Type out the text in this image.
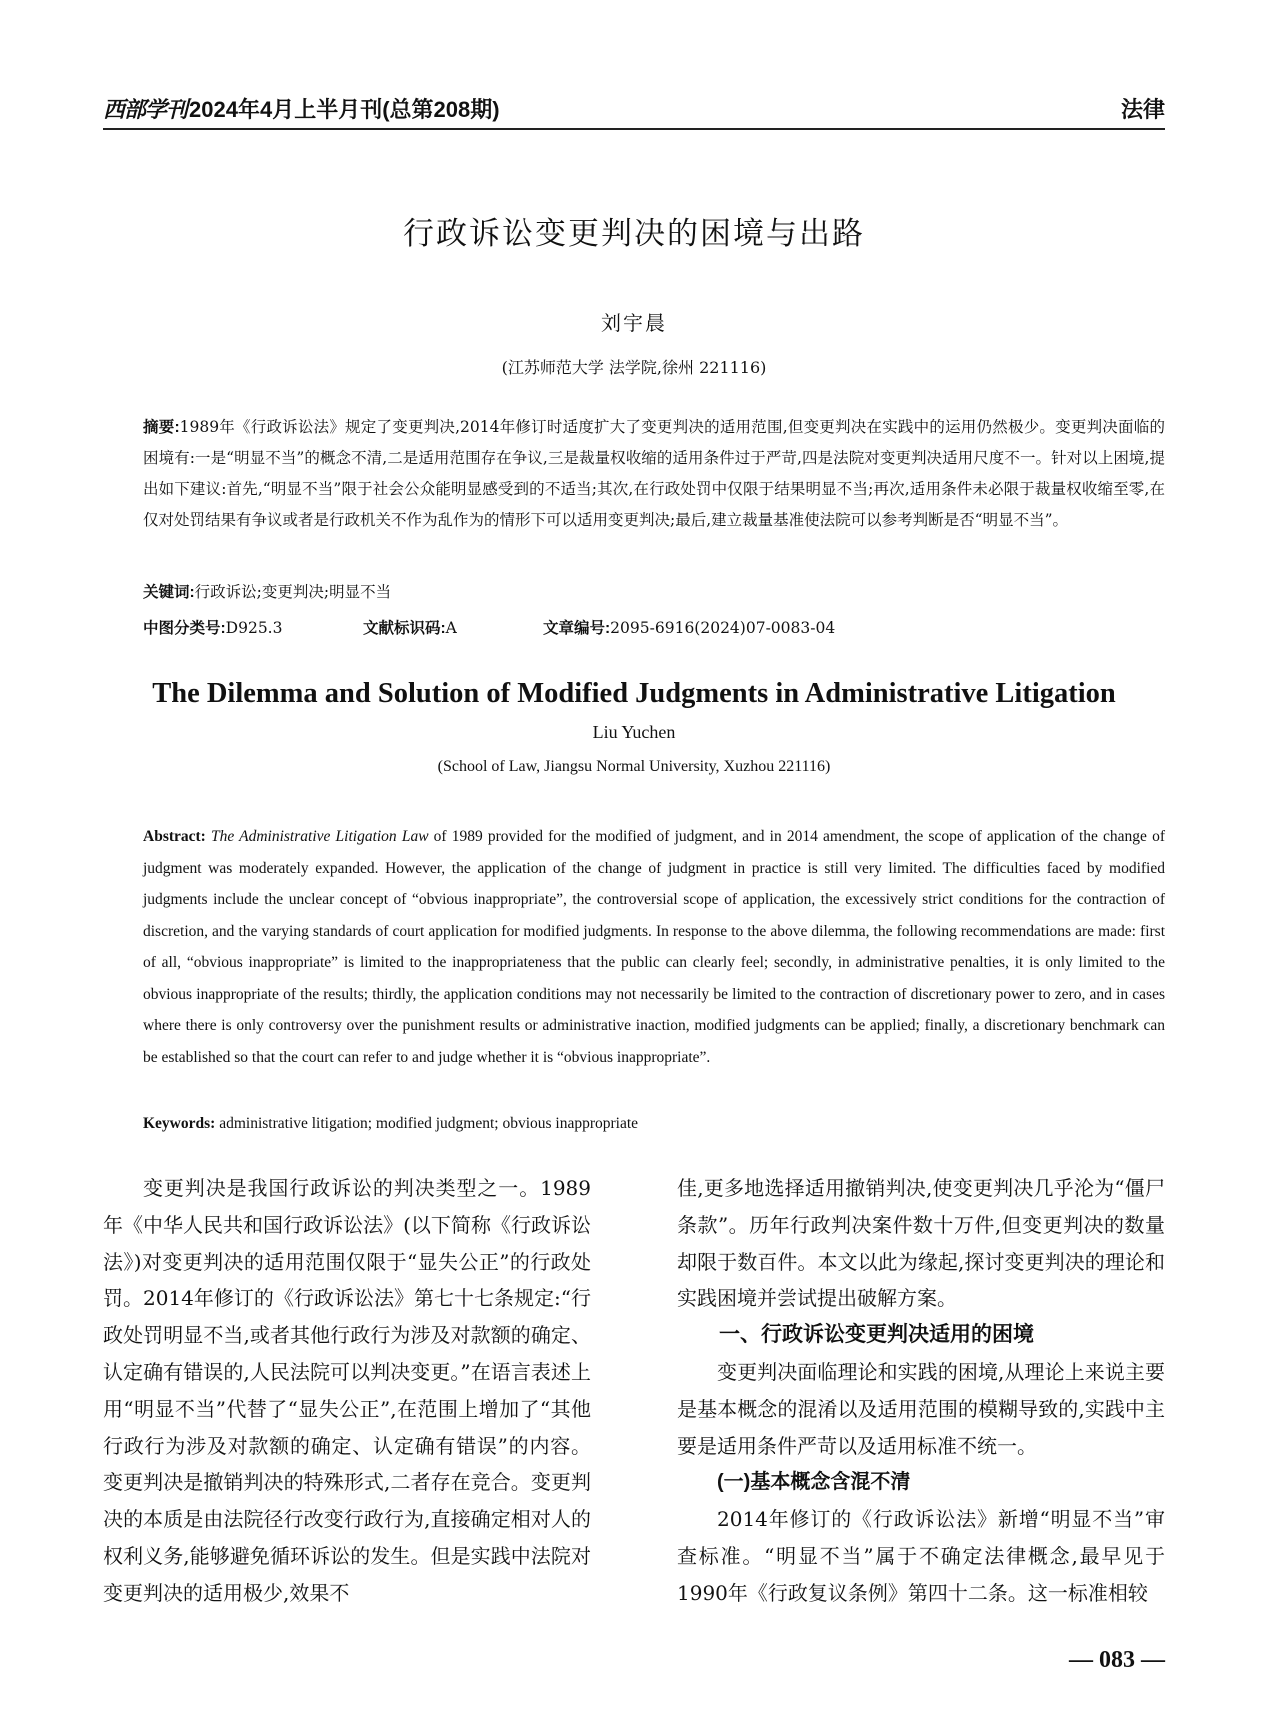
西部学刊 2024年4月上半月刊(总第208期)	法律
行政诉讼变更判决的困境与出路
刘宇晨
(江苏师范大学 法学院,徐州 221116)
摘要:1989年《行政诉讼法》规定了变更判决,2014年修订时适度扩大了变更判决的适用范围,但变更判决在实践中的运用仍然极少。变更判决面临的困境有:一是“明显不当”的概念不清,二是适用范围存在争议,三是裁量权收缩的适用条件过于严苛,四是法院对变更判决适用尺度不一。针对以上困境,提出如下建议:首先,“明显不当”限于社会公众能明显感受到的不适当;其次,在行政处罚中仅限于结果明显不当;再次,适用条件未必限于裁量权收缩至零,在仅对处罚结果有争议或者是行政机关不作为乱作为的情形下可以适用变更判决;最后,建立裁量基准使法院可以参考判断是否“明显不当”。
关键词:行政诉讼;变更判决;明显不当
中图分类号:D925.3	文献标识码:A	文章编号:2095-6916(2024)07-0083-04
The Dilemma and Solution of Modified Judgments in Administrative Litigation
Liu Yuchen
(School of Law, Jiangsu Normal University, Xuzhou 221116)
Abstract: The Administrative Litigation Law of 1989 provided for the modified of judgment, and in 2014 amendment, the scope of application of the change of judgment was moderately expanded. However, the application of the change of judgment in practice is still very limited. The difficulties faced by modified judgments include the unclear concept of “obvious inappropriate”, the controversial scope of application, the excessively strict conditions for the contraction of discretion, and the varying standards of court application for modified judgments. In response to the above dilemma, the following recommendations are made: first of all, “obvious inappropriate” is limited to the inappropriateness that the public can clearly feel; secondly, in administrative penalties, it is only limited to the obvious inappropriate of the results; thirdly, the application conditions may not necessarily be limited to the contraction of discretionary power to zero, and in cases where there is only controversy over the punishment results or administrative inaction, modified judgments can be applied; finally, a discretionary benchmark can be established so that the court can refer to and judge whether it is “obvious inappropriate”.
Keywords: administrative litigation; modified judgment; obvious inappropriate

变更判决是我国行政诉讼的判决类型之一。1989年《中华人民共和国行政诉讼法》(以下简称《行政诉讼法》)对变更判决的适用范围仅限于“显失公正”的行政处罚。2014年修订的《行政诉讼法》第七十七条规定:“行政处罚明显不当,或者其他行政行为涉及对款额的确定、认定确有错误的,人民法院可以判决变更。”在语言表述上用“明显不当”代替了“显失公正”,在范围上增加了“其他行政行为涉及对款额的确定、认定确有错误”的内容。变更判决是撤销判决的特殊形式,二者存在竞合。变更判决的本质是由法院径行改变行政行为,直接确定相对人的权利义务,能够避免循环诉讼的发生。但是实践中法院对变更判决的适用极少,效果不

佳,更多地选择适用撤销判决,使变更判决几乎沦为“僵尸条款”。历年行政判决案件数十万件,但变更判决的数量却限于数百件。本文以此为缘起,探讨变更判决的理论和实践困境并尝试提出破解方案。

一、行政诉讼变更判决适用的困境

变更判决面临理论和实践的困境,从理论上来说主要是基本概念的混淆以及适用范围的模糊导致的,实践中主要是适用条件严苛以及适用标准不统一。

(一)基本概念含混不清

2014年修订的《行政诉讼法》新增“明显不当”审查标准。“明显不当”属于不确定法律概念,最早见于1990年《行政复议条例》第四十二条。这一标准相较

— 083 —
